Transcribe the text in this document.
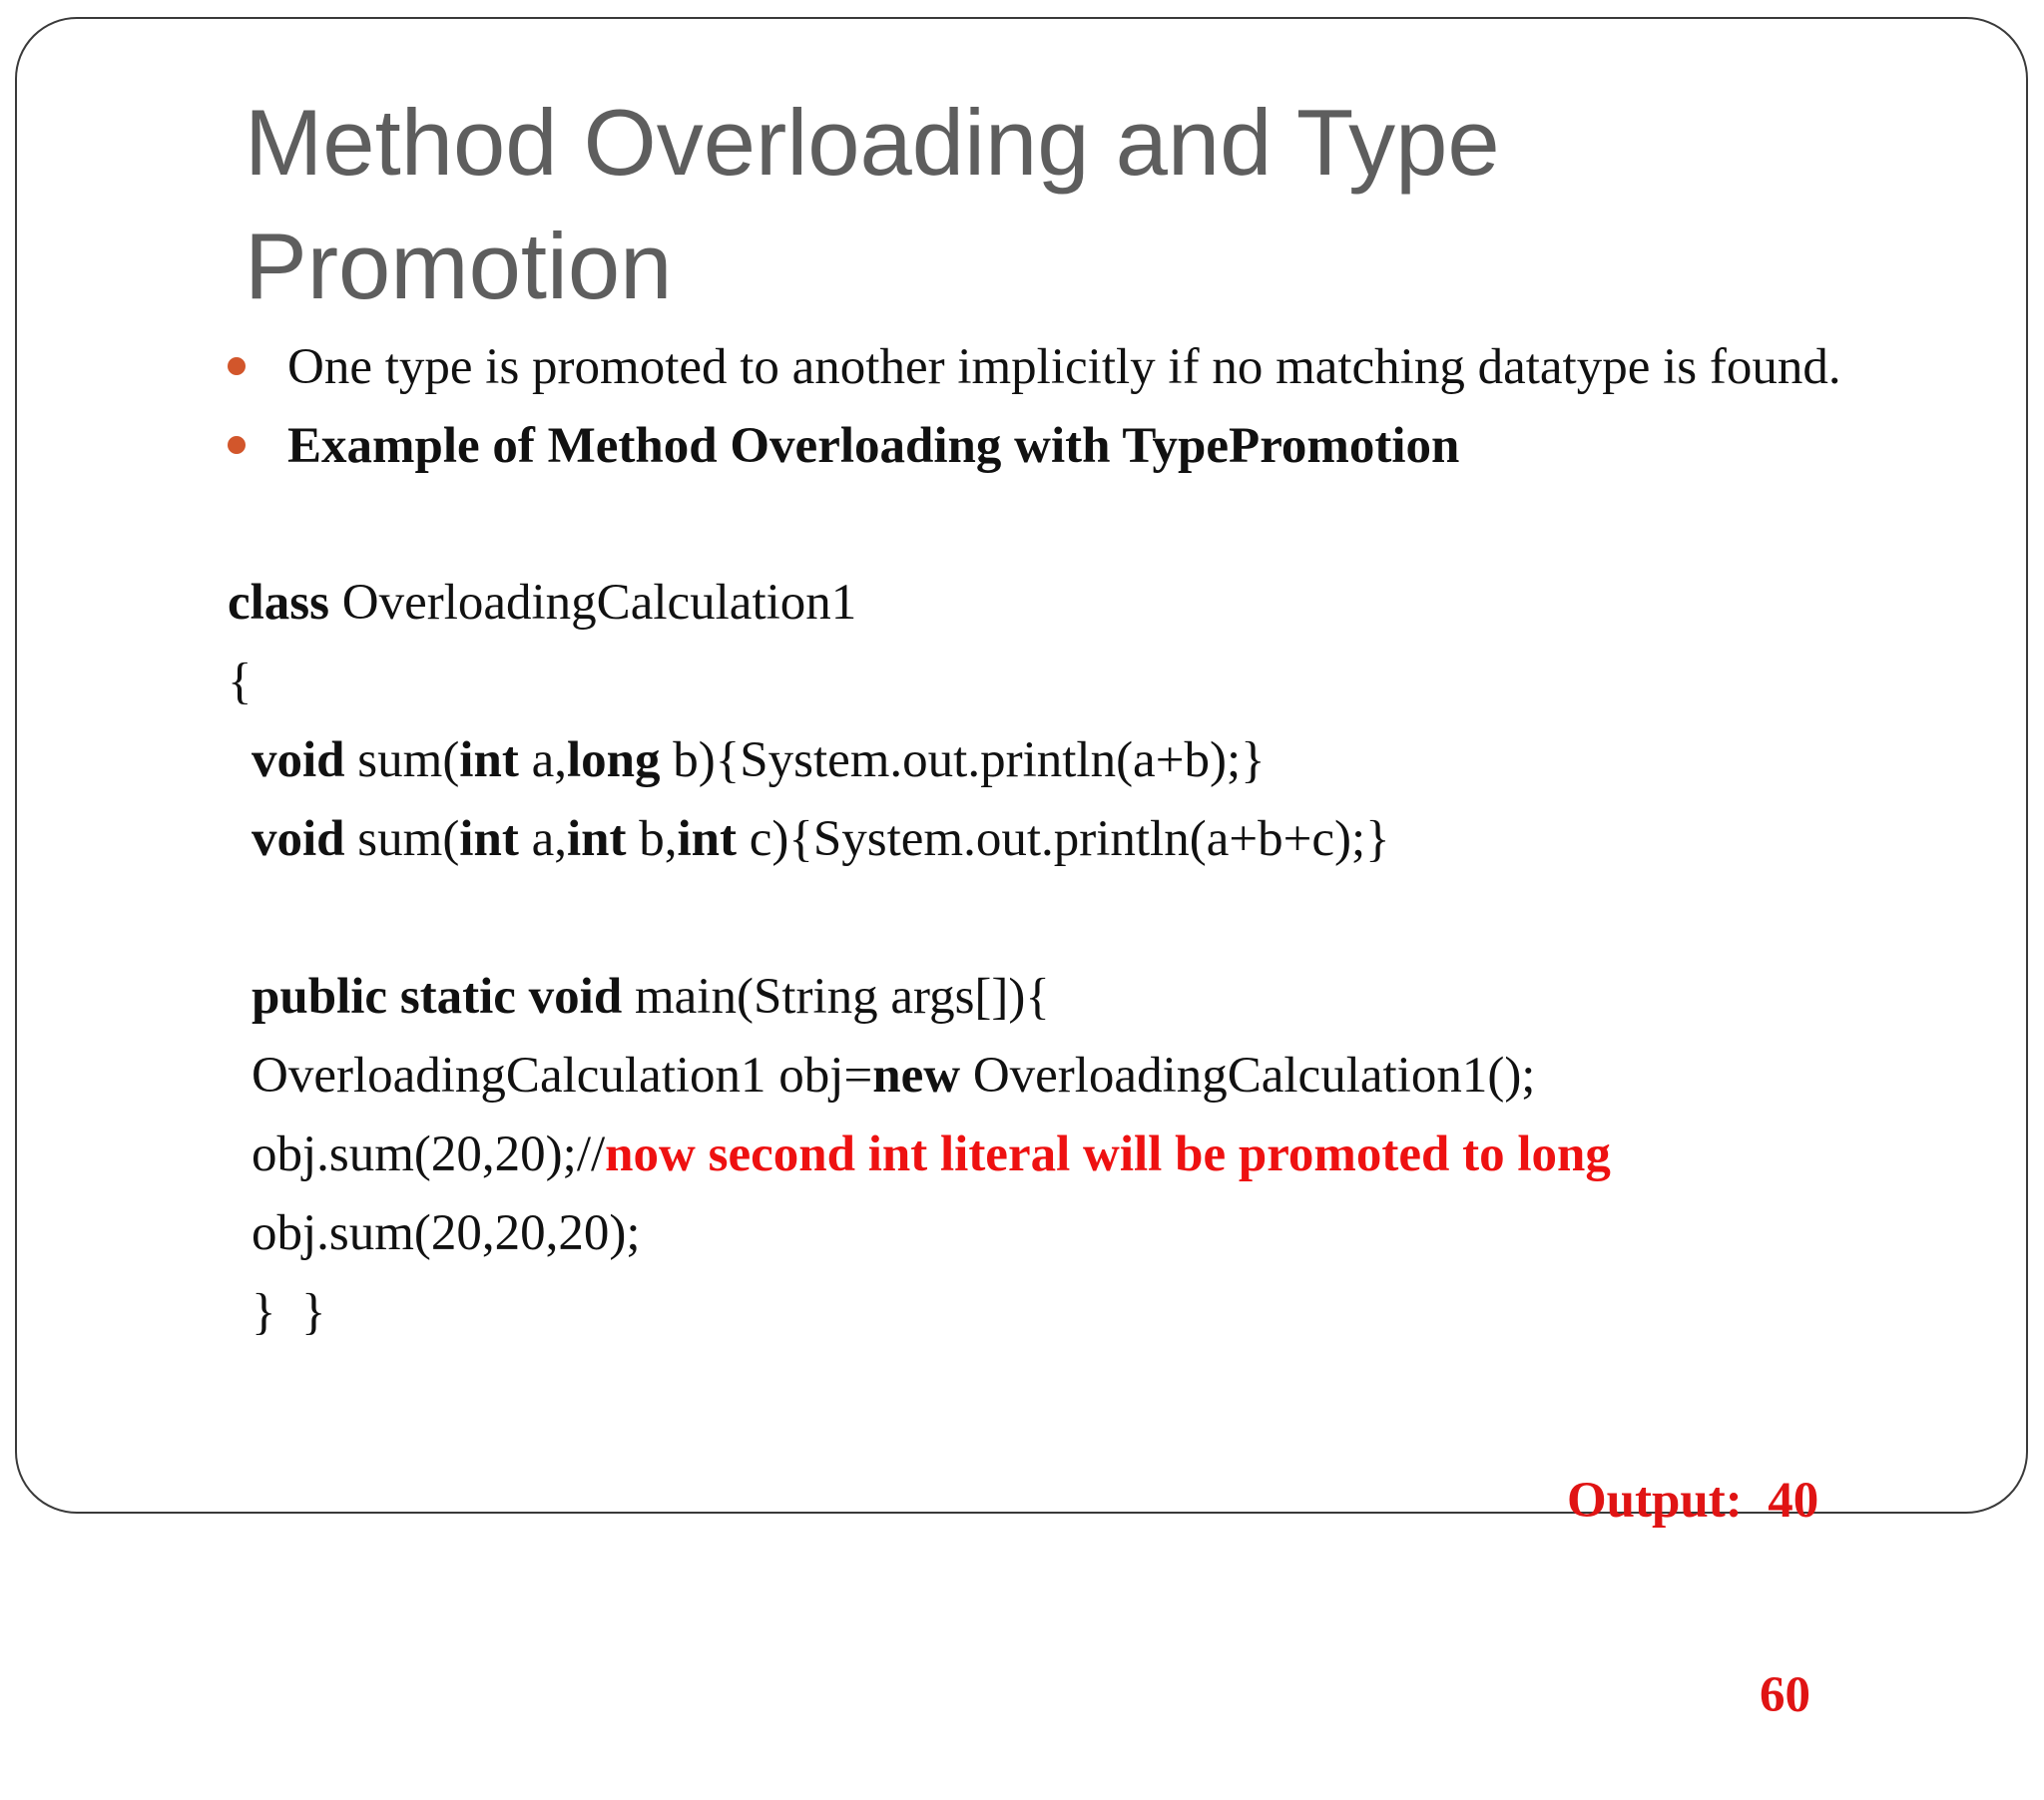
Method Overloading and Type
Promotion
One type is promoted to another implicitly if no matching datatype is found.
Example of Method Overloading with TypePromotion
class OverloadingCalculation1
{
void sum(int a,long b){System.out.println(a+b);}
void sum(int a,int b,int c){System.out.println(a+b+c);}
public static void main(String args[]){
OverloadingCalculation1 obj=new OverloadingCalculation1();
obj.sum(20,20);//now second int literal will be promoted to long
obj.sum(20,20,20);
}  }

Output:  40

60
